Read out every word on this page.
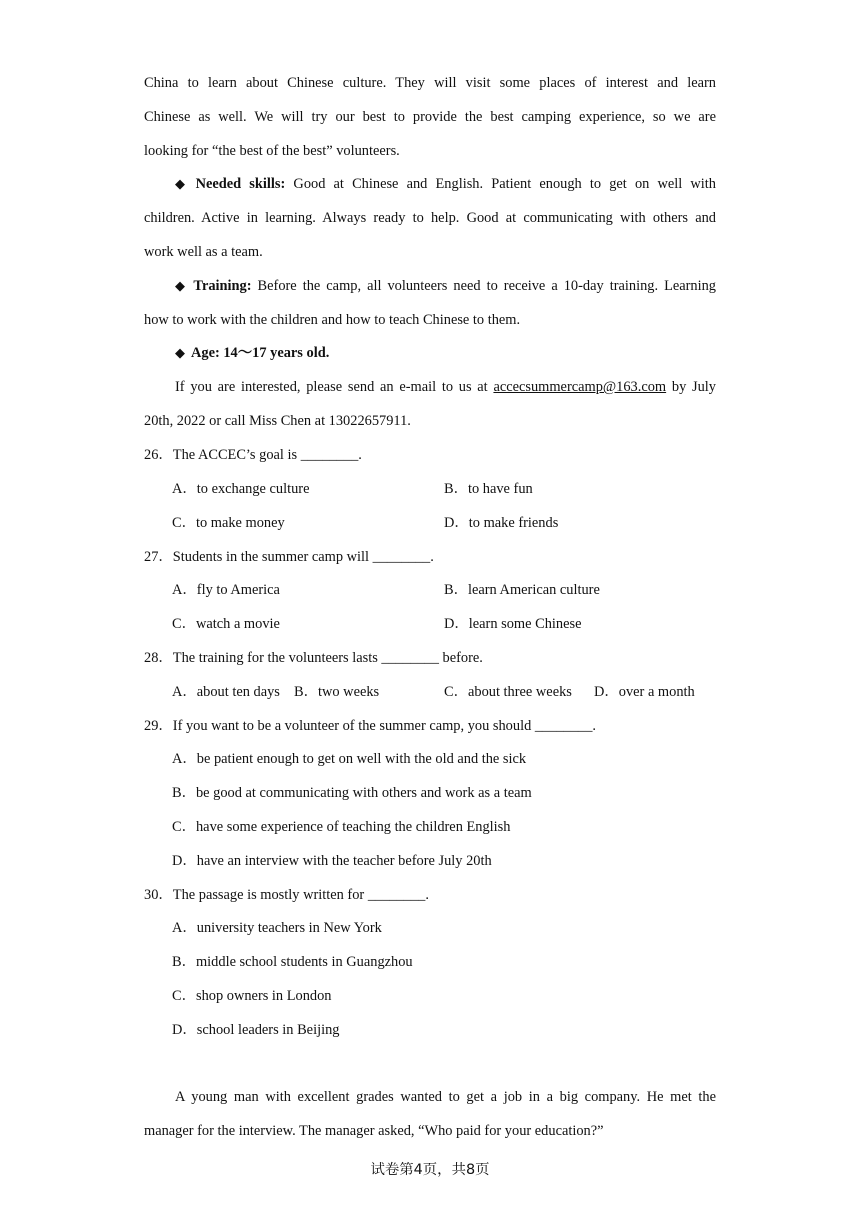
China to learn about Chinese culture. They will visit some places of interest and learn
Chinese as well. We will try our best to provide the best camping experience, so we are
looking for “the best of the best” volunteers.
◆ Needed skills: Good at Chinese and English. Patient enough to get on well with
children. Active in learning. Always ready to help. Good at communicating with others and
work well as a team.
◆ Training: Before the camp, all volunteers need to receive a 10-day training. Learning
how to work with the children and how to teach Chinese to them.
◆ Age: 14～17 years old.
If you are interested, please send an e-mail to us at accecsummercamp@163.com by July
20th, 2022 or call Miss Chen at 13022657911.
26．The ACCEC’s goal is ________.
A．to exchange culture	B．to have fun
C．to make money	D．to make friends
27．Students in the summer camp will ________.
A．fly to America	B．learn American culture
C．watch a movie	D．learn some Chinese
28．The training for the volunteers lasts ________ before.
A．about ten days B．two weeks	C．about three weeks D．over a month
29．If you want to be a volunteer of the summer camp, you should ________.
A．be patient enough to get on well with the old and the sick
B．be good at communicating with others and work as a team
C．have some experience of teaching the children English
D．have an interview with the teacher before July 20th
30．The passage is mostly written for ________.
A．university teachers in New York
B．middle school students in Guangzhou
C．shop owners in London
D．school leaders in Beijing
A young man with excellent grades wanted to get a job in a big company. He met the
manager for the interview. The manager asked, “Who paid for your education?”
试卷第4页，共8页
